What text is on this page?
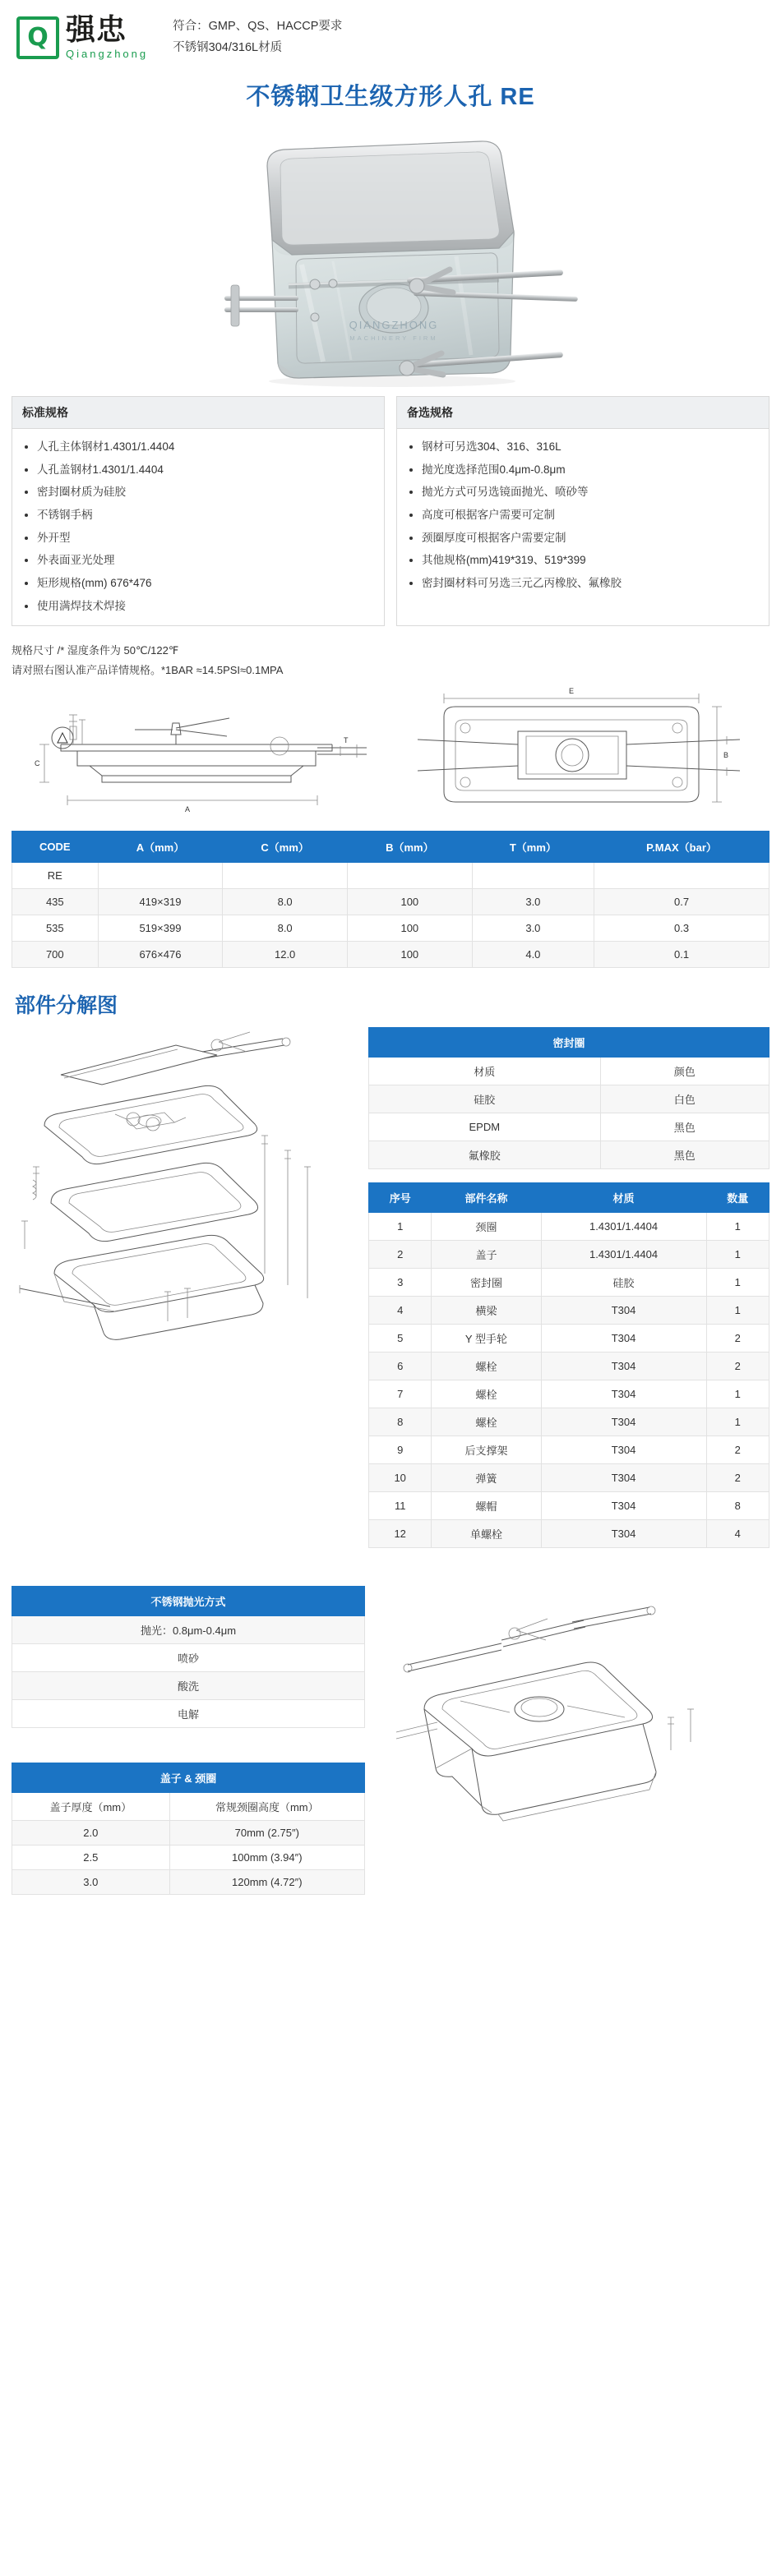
Q 强忠
Qiangzhong
符合：GMP、QS、HACCP要求
不锈钢304/316L材质
不锈钢卫生级方形人孔 RE
QIANGZHONG
MACHINERY FIRM
标准规格
• 人孔主体钢材1.4301/1.4404
• 人孔盖钢材1.4301/1.4404
• 密封圈材质为硅胶
• 不锈钢手柄
• 外开型
• 外表面亚光处理
• 矩形规格(mm) 676*476
• 使用满焊技术焊接
备选规格
• 钢材可另选304、316、316L
• 抛光度选择范围0.4μm-0.8μm
• 抛光方式可另选镜面抛光、喷砂等
• 高度可根据客户需要可定制
• 颈圈厚度可根据客户需要定制
• 其他规格(mm)419*319、519*399
• 密封圈材料可另选三元乙丙橡胶、氟橡胶
规格尺寸 /* 湿度条件为 50℃/122℉
请对照右图认准产品详情规格。*1BAR ≈14.5PSI≈0.1MPA
A
C
T
E
B
CODE	A（mm）	C（mm）	B（mm）	T（mm）	P.MAX（bar）
RE					
435	419×319	8.0	100	3.0	0.7
535	519×399	8.0	100	3.0	0.3
700	676×476	12.0	100	4.0	0.1
部件分解图
密封圈	
材质	颜色
硅胶	白色
EPDM	黑色
氟橡胶	黑色
序号	部件名称	材质	数量
1	颈圈	1.4301/1.4404	1
2	盖子	1.4301/1.4404	1
3	密封圈	硅胶	1
4	横梁	T304	1
5	Y 型手轮	T304	2
6	螺栓	T304	2
7	螺栓	T304	1
8	螺栓	T304	1
9	后支撑架	T304	2
10	弹簧	T304	2
11	螺帽	T304	8
12	单螺栓	T304	4
不锈钢抛光方式
抛光：0.8μm-0.4μm
喷砂
酸洗
电解
盖子 & 颈圈	
盖子厚度（mm）	常规颈圈高度（mm）
2.0	70mm (2.75″)
2.5	100mm (3.94″)
3.0	120mm (4.72″)
